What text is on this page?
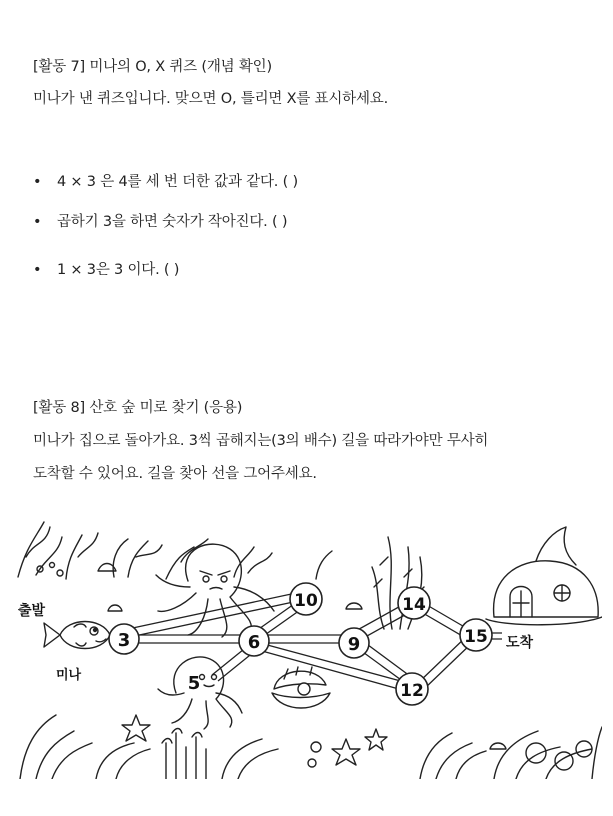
[활동 7] 미나의 O, X 퀴즈 (개념 확인)
미나가 낸 퀴즈입니다. 맞으면 O, 틀리면 X를 표시하세요.
• 4 × 3 은 4를 세 번 더한 값과 같다. ( )
• 곱하기 3을 하면 숫자가 작아진다. ( )
• 1 × 3은 3 이다. ( )
[활동 8] 산호 숲 미로 찾기 (응용)
미나가 집으로 돌아가요. 3씩 곱해지는(3의 배수) 길을 따라가야만 무사히
도착할 수 있어요. 길을 찾아 선을 그어주세요.
3	6
5
10
9
14
12
15
출발
미나
도착
